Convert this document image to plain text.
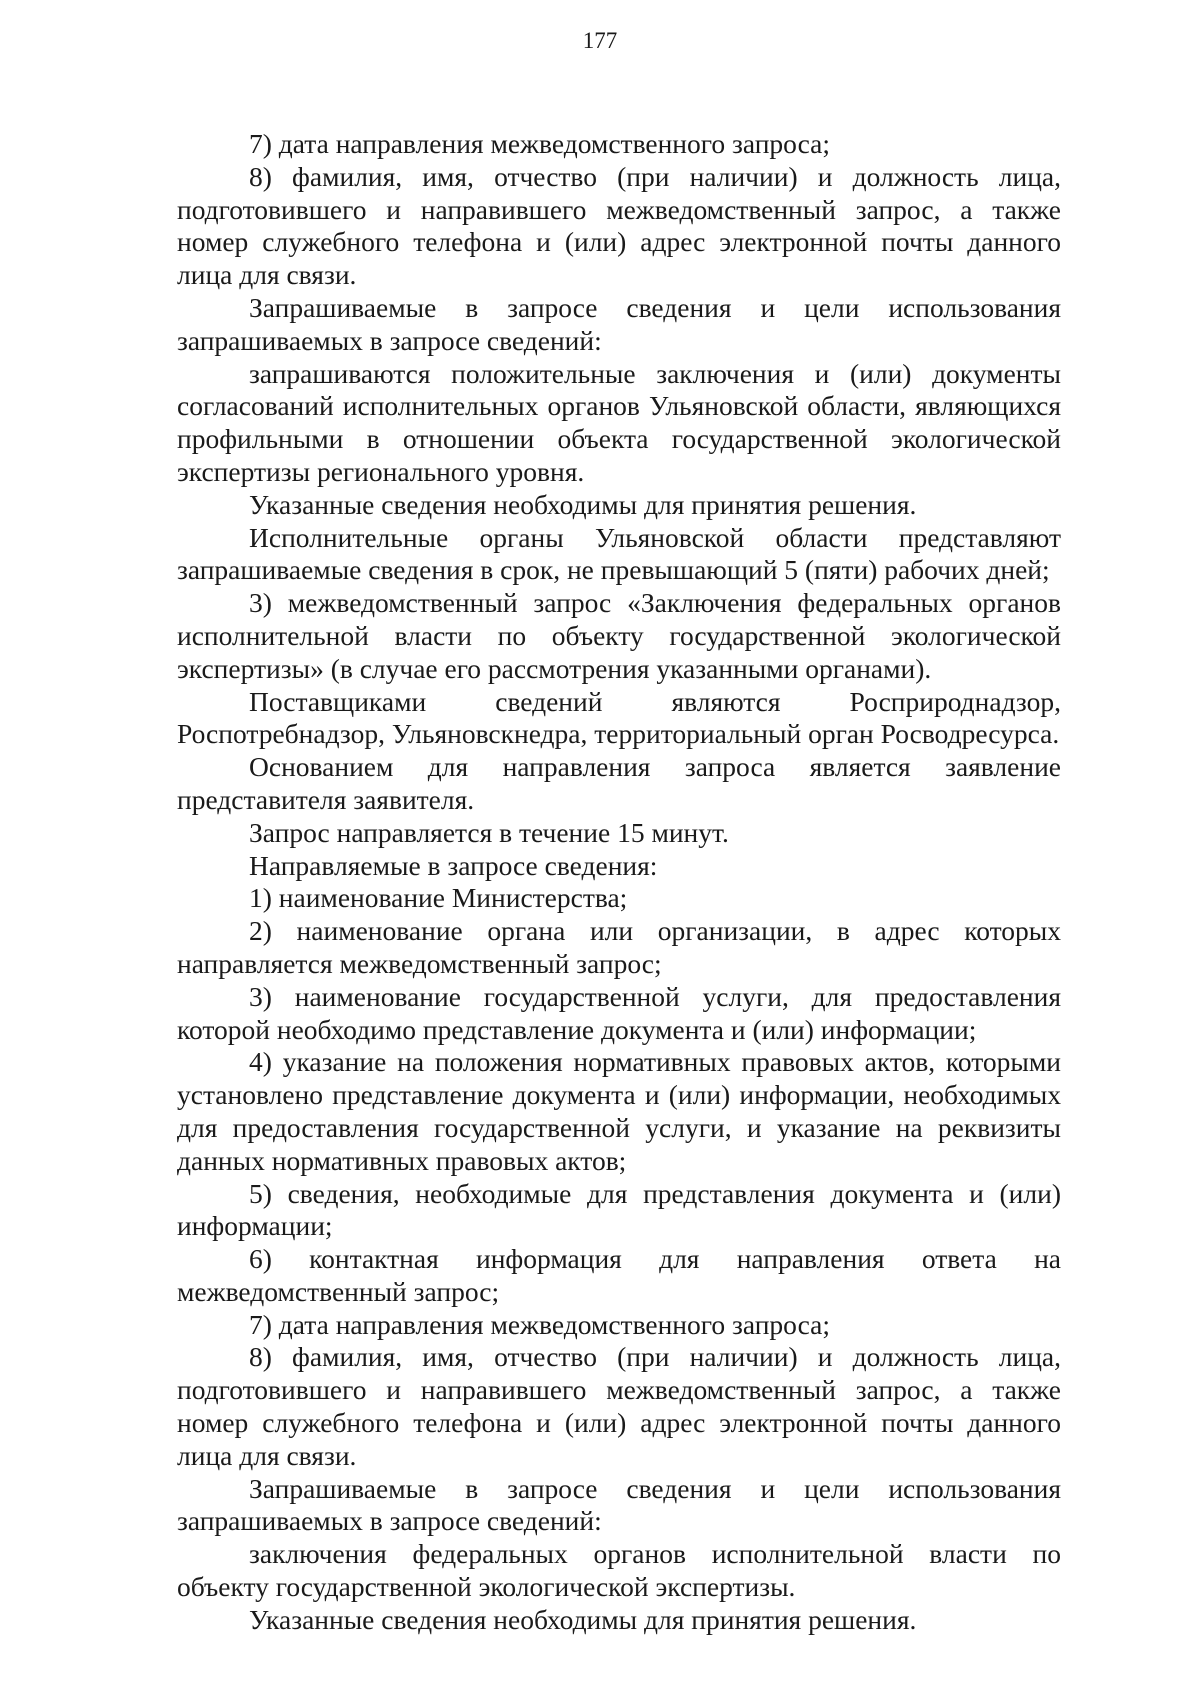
177

7) дата направления межведомственного запроса;

8) фамилия, имя, отчество (при наличии) и должность лица, подготовившего и направившего межведомственный запрос, а также номер служебного телефона и (или) адрес электронной почты данного лица для связи.

Запрашиваемые в запросе сведения и цели использования запрашиваемых в запросе сведений:

запрашиваются положительные заключения и (или) документы согласований исполнительных органов Ульяновской области, являющихся профильными в отношении объекта государственной экологической экспертизы регионального уровня.

Указанные сведения необходимы для принятия решения.

Исполнительные органы Ульяновской области представляют запрашиваемые сведения в срок, не превышающий 5 (пяти) рабочих дней;

3) межведомственный запрос «Заключения федеральных органов исполнительной власти по объекту государственной экологической экспертизы» (в случае его рассмотрения указанными органами).

Поставщиками сведений являются Росприроднадзор, Роспотребнадзор, Ульяновскнедра, территориальный орган Росводресурса.

Основанием для направления запроса является заявление представителя заявителя.

Запрос направляется в течение 15 минут.

Направляемые в запросе сведения:

1) наименование Министерства;

2) наименование органа или организации, в адрес которых направляется межведомственный запрос;

3) наименование государственной услуги, для предоставления которой необходимо представление документа и (или) информации;

4) указание на положения нормативных правовых актов, которыми установлено представление документа и (или) информации, необходимых для предоставления государственной услуги, и указание на реквизиты данных нормативных правовых актов;

5) сведения, необходимые для представления документа и (или) информации;

6) контактная информация для направления ответа на межведомственный запрос;

7) дата направления межведомственного запроса;

8) фамилия, имя, отчество (при наличии) и должность лица, подготовившего и направившего межведомственный запрос, а также номер служебного телефона и (или) адрес электронной почты данного лица для связи.

Запрашиваемые в запросе сведения и цели использования запрашиваемых в запросе сведений:

заключения федеральных органов исполнительной власти по объекту государственной экологической экспертизы.

Указанные сведения необходимы для принятия решения.
